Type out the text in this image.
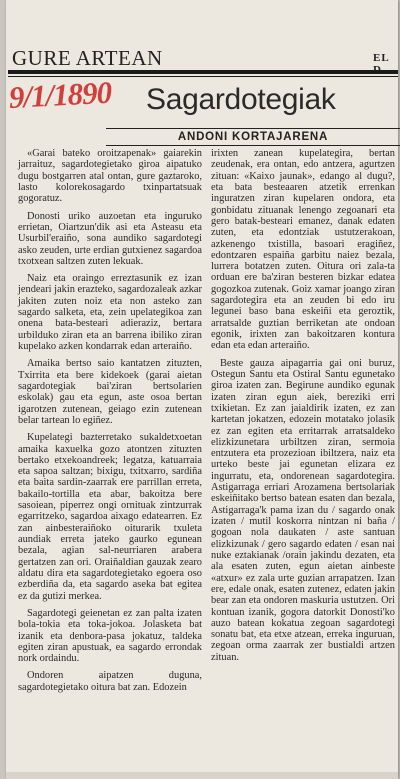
GURE ARTEAN	EL
9/1/1890 Sagardotegiak
ANDONI KORTAJARENA

«Garai bateko oroitzapenak» gaiarekin jarraituz, sagardotegietako giroa aipatuko dugu bostgarren atal ontan, gure gaztaroko, lasto kolorekosagardo txinpartatsuak gogoratuz.

Donosti uriko auzoetan eta inguruko errietan, Oiartzun'dik asi eta Asteasu eta Usurbil'eraiño, sona aundiko sagardotegi asko zeuden, urte erdian gutxienez sagardoa txotxean saltzen zuten lekuak.

Naiz eta oraingo erreztasunik ez izan jendeari jakin erazteko, sagardozaleak azkar jakiten zuten noiz eta non asteko zan sagardo salketa, eta, zein upelategikoa zan onena bata-besteari adieraziz, bertara urbilduko ziran eta an barrena ibiliko ziran kupelako azken kondarrak edan arteraiño.

Amaika bertso saio kantatzen zituzten, Txirrita eta bere kidekoek (garai aietan sagardotegiak bai'ziran bertsolarien eskolak) gau eta egun, aste osoa bertan igarotzen zutenean, geiago ezin zutenean belar tartean lo egiñez.

Kupelategi bazterretako sukaldetxoetan amaika kaxuelka gozo atontzen zituzten bertako etxekoandreek; legatza, katuarraia eta sapoa saltzan; bixigu, txitxarro, sardiña eta baita sardin-zaarrak ere parrillan erreta, bakailo-tortilla eta abar, bakoitza bere sasoiean, piperrez ongi ornituak zintzurrak egarritzeko, sagardoa aixago edatearren. Ez zan ainbesteraiñoko oiturarik txuleta aundiak erreta jateko gaurko egunean bezala, agian sal-neurriaren arabera gertatzen zan ori. Oraiñaldian gauzak zearo aldatu dira eta sagardotegietako egoera oso ezberdiña da, eta sagardo aseka bat egitea ez da gutizi merkea.

Sagardotegi geienetan ez zan palta izaten bola-tokia eta toka-jokoa. Jolasketa bat izanik eta denbora-pasa jokatuz, taldeka egiten ziran apustuak, ea sagardo errondak nork ordaindu.

Ondoren aipatzen duguna, sagardotegietako oitura bat zan. Edozein

irixten zanean kupelategira, bertan zeudenak, era ontan, edo antzera, agurtzen zituan: «Kaixo jaunak», edango al dugu?, eta bata besteaaren atzetik errenkan inguratzen ziran kupelaren ondora, eta gonbidatu zituanak lenengo zegoanari eta gero batak-besteari emanez, danak edaten zuten, eta edontziak ustutzerakoan, azkenengo txistilla, basoari eragiñez, edontzaren espaiña garbitu naiez bezala, lurrera botatzen zuten. Oitura ori zala-ta orduan ere ba'ziran besteren bizkar edatea gogozkoa zutenak. Goiz xamar joango ziran sagardotegira eta an zeuden bi edo iru legunei baso bana eskeiñi eta geroztik, arratsalde guztian berriketan ate ondoan egonik, irixten zan bakoitzaren kontura edan eta edan arteraiño.

Beste gauza aipagarria gai oni buruz, Ostegun Santu eta Ostiral Santu egunetako giroa izaten zan. Begirune aundiko egunak izaten ziran egun aiek, bereziki erri txikietan. Ez zan jaialdirik izaten, ez zan kartetan jokatzen, edozein motatako jolasik ez zan egiten eta erritarrak arratsaldeko elizkizunetara urbiltzen ziran, sermoia entzutera eta prozezioan ibiltzera, naiz eta urteko beste jai egunetan elizara ez ingurratu, eta, ondorenean sagardotegira. Astigarraga erriari Arozamena bertsolariak eskeiñitako bertso batean esaten dan bezala, Astigarraga'k pama izan du / sagardo onak izaten / mutil koskorra nintzan ni baña / gogoan nola daukaten / aste santuan elizkizunak / gero sagardo edaten / esan nai nuke eztakianak /orain jakindu dezaten, eta ala esaten zuten, egun aietan ainbeste «atxur» ez zala urte guzian arrapatzen. Izan ere, edale onak, esaten zutenez, edaten jakin bear zan eta ondoren maskuria ustutzen. Ori kontuan izanik, gogora datorkit Donosti'ko auzo batean kokatua zegoan sagardotegi sonatu bat, eta etxe atzean, erreka inguruan, zegoan orma zaarrak zer bustialdi artzen zituan.
